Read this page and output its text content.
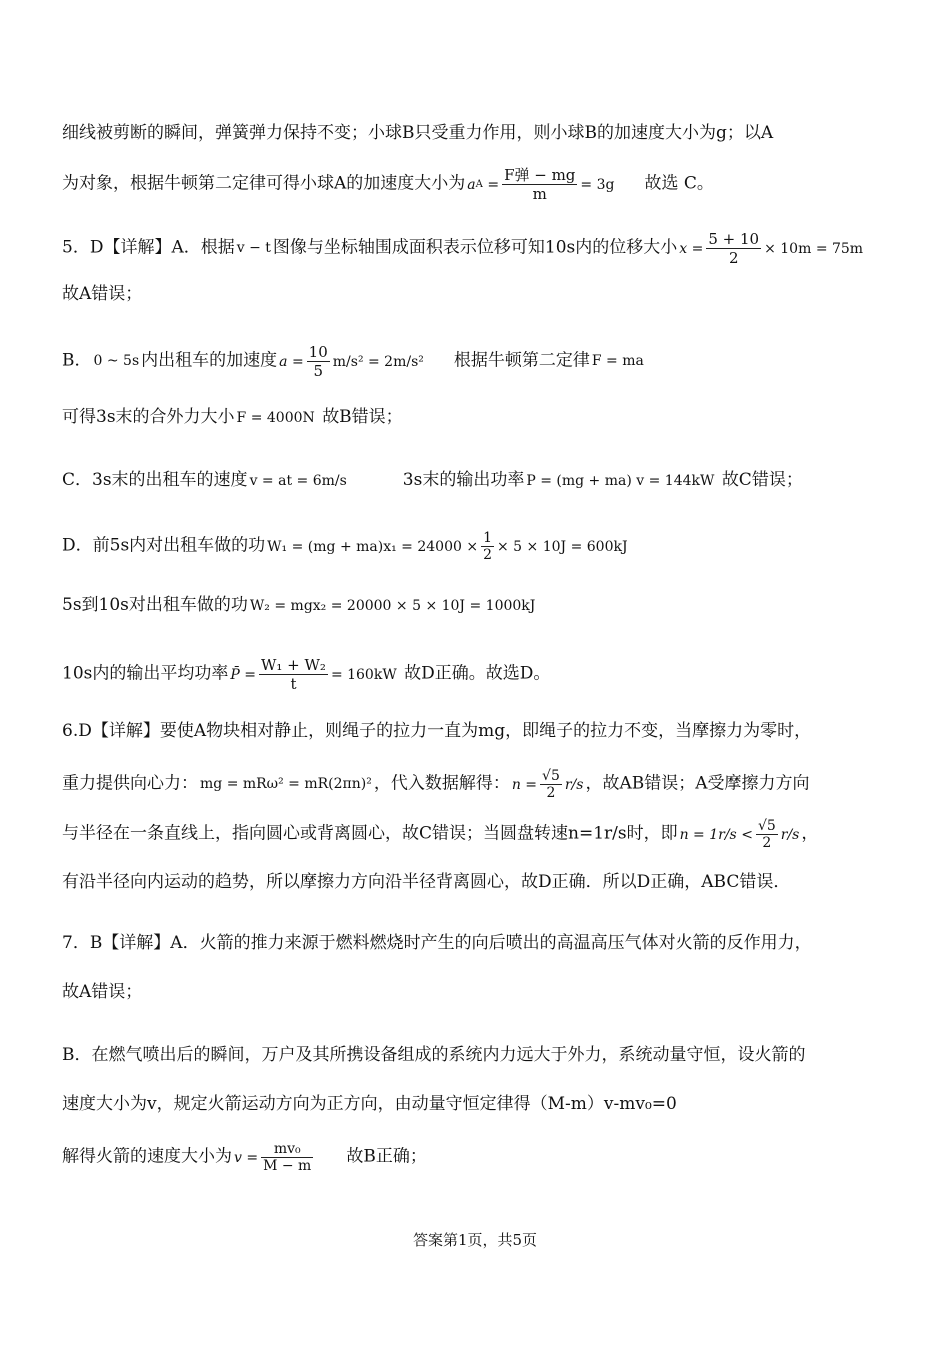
细线被剪断的瞬间，弹簧弹力保持不变；小球B只受重力作用，则小球B的加速度大小为g；以A
为对象，根据牛顿第二定律可得小球A的加速度大小为 a $A = \frac{\text{F弹 − mg}}{m} = 3g$ 故选 C。
5．D【详解】A．根据 v − t 图像与坐标轴围成面积表示位移可知10s内的位移大小 $x = \frac{5 + 10}{2} \times 10m = 75m$
故A错误；
B． 0 ~ 5s 内出租车的加速度 $a = \frac{10}{5} m/s^2 = 2m/s^2$ 根据牛顿第二定律 F = ma
可得3s末的合外力大小 F = 4000N 故B错误；
C．3s末的出租车的速度 v = at = 6m/s	3s末的输出功率 P = (mg + ma) v = 144kW 故C错误；
D．前5s内对出租车做的功 $W_1 = (mg + ma)x_1 = 24000 \times \frac{1}{2} \times 5 \times 10J = 600kJ$
5s到10s对出租车做的功 W₂ = mgx₂ = 20000 × 5 × 10J = 1000kJ
10s内的输出平均功率 P̄ = $\frac{\text{W₁ + W₂}}{t} = 160kW$ 故D正确。故选D。
6.D【详解】要使A物块相对静止，则绳子的拉力一直为mg，即绳子的拉力不变，当摩擦力为零时，
重力提供向心力： mg = mRω² = mR(2πn)² ，代入数据解得： $n = \frac{√5}{2} r/s$ ，故AB错误；A受摩擦力方向
与半径在一条直线上，指向圆心或背离圆心，故C错误；当圆盘转速n=1r/s时，即 $n = 1r/s < \frac{√5}{2} r/s$ ，
有沿半径向内运动的趋势，所以摩擦力方向沿半径背离圆心，故D正确．所以D正确，ABC错误．
7．B【详解】A．火箭的推力来源于燃料燃烧时产生的向后喷出的高温高压气体对火箭的反作用力，
故A错误；
B．在燃气喷出后的瞬间，万户及其所携设备组成的系统内力远大于外力，系统动量守恒，设火箭的
速度大小为v，规定火箭运动方向为正方向，由动量守恒定律得（M-m）v-mv₀=0
解得火箭的速度大小为 $v = \frac{\text{mv₀}}{M - m}$ 故B正确；
答案第1页，共5页
